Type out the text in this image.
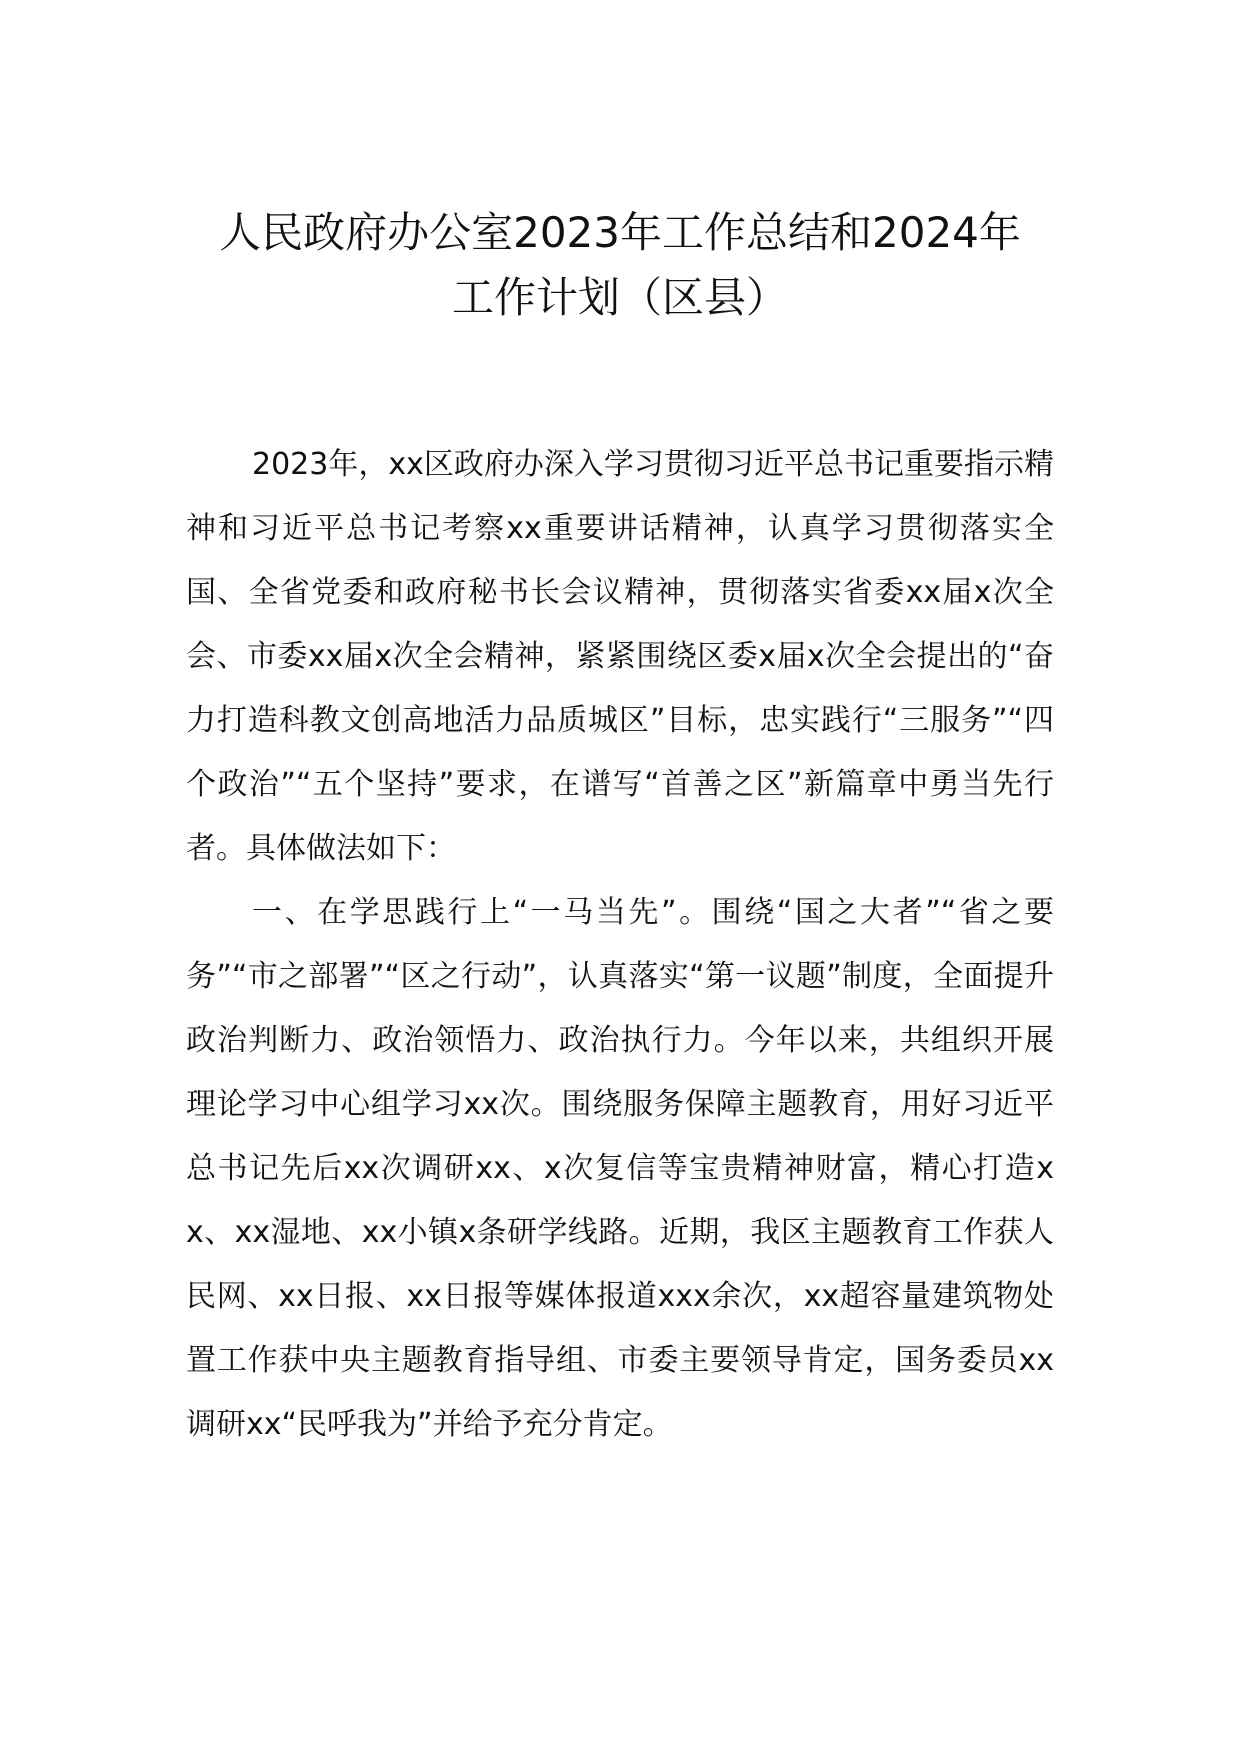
人民政府办公室2023年工作总结和2024年
工作计划（区县）

2023年，xx区政府办深入学习贯彻习近平总书记重要指示精神和习近平总书记考察xx重要讲话精神，认真学习贯彻落实全国、全省党委和政府秘书长会议精神，贯彻落实省委xx届x次全会、市委xx届x次全会精神，紧紧围绕区委x届x次全会提出的“奋力打造科教文创高地活力品质城区”目标，忠实践行“三服务”“四个政治”“五个坚持”要求，在谱写“首善之区”新篇章中勇当先行者。具体做法如下：

一、在学思践行上“一马当先”。围绕“国之大者”“省之要务”“市之部署”“区之行动”，认真落实“第一议题”制度，全面提升政治判断力、政治领悟力、政治执行力。今年以来，共组织开展理论学习中心组学习xx次。围绕服务保障主题教育，用好习近平总书记先后xx次调研xx、x次复信等宝贵精神财富，精心打造xx、xx湿地、xx小镇x条研学线路。近期，我区主题教育工作获人民网、xx日报、xx日报等媒体报道xxx余次，xx超容量建筑物处置工作获中央主题教育指导组、市委主要领导肯定，国务委员xx调研xx“民呼我为”并给予充分肯定。
